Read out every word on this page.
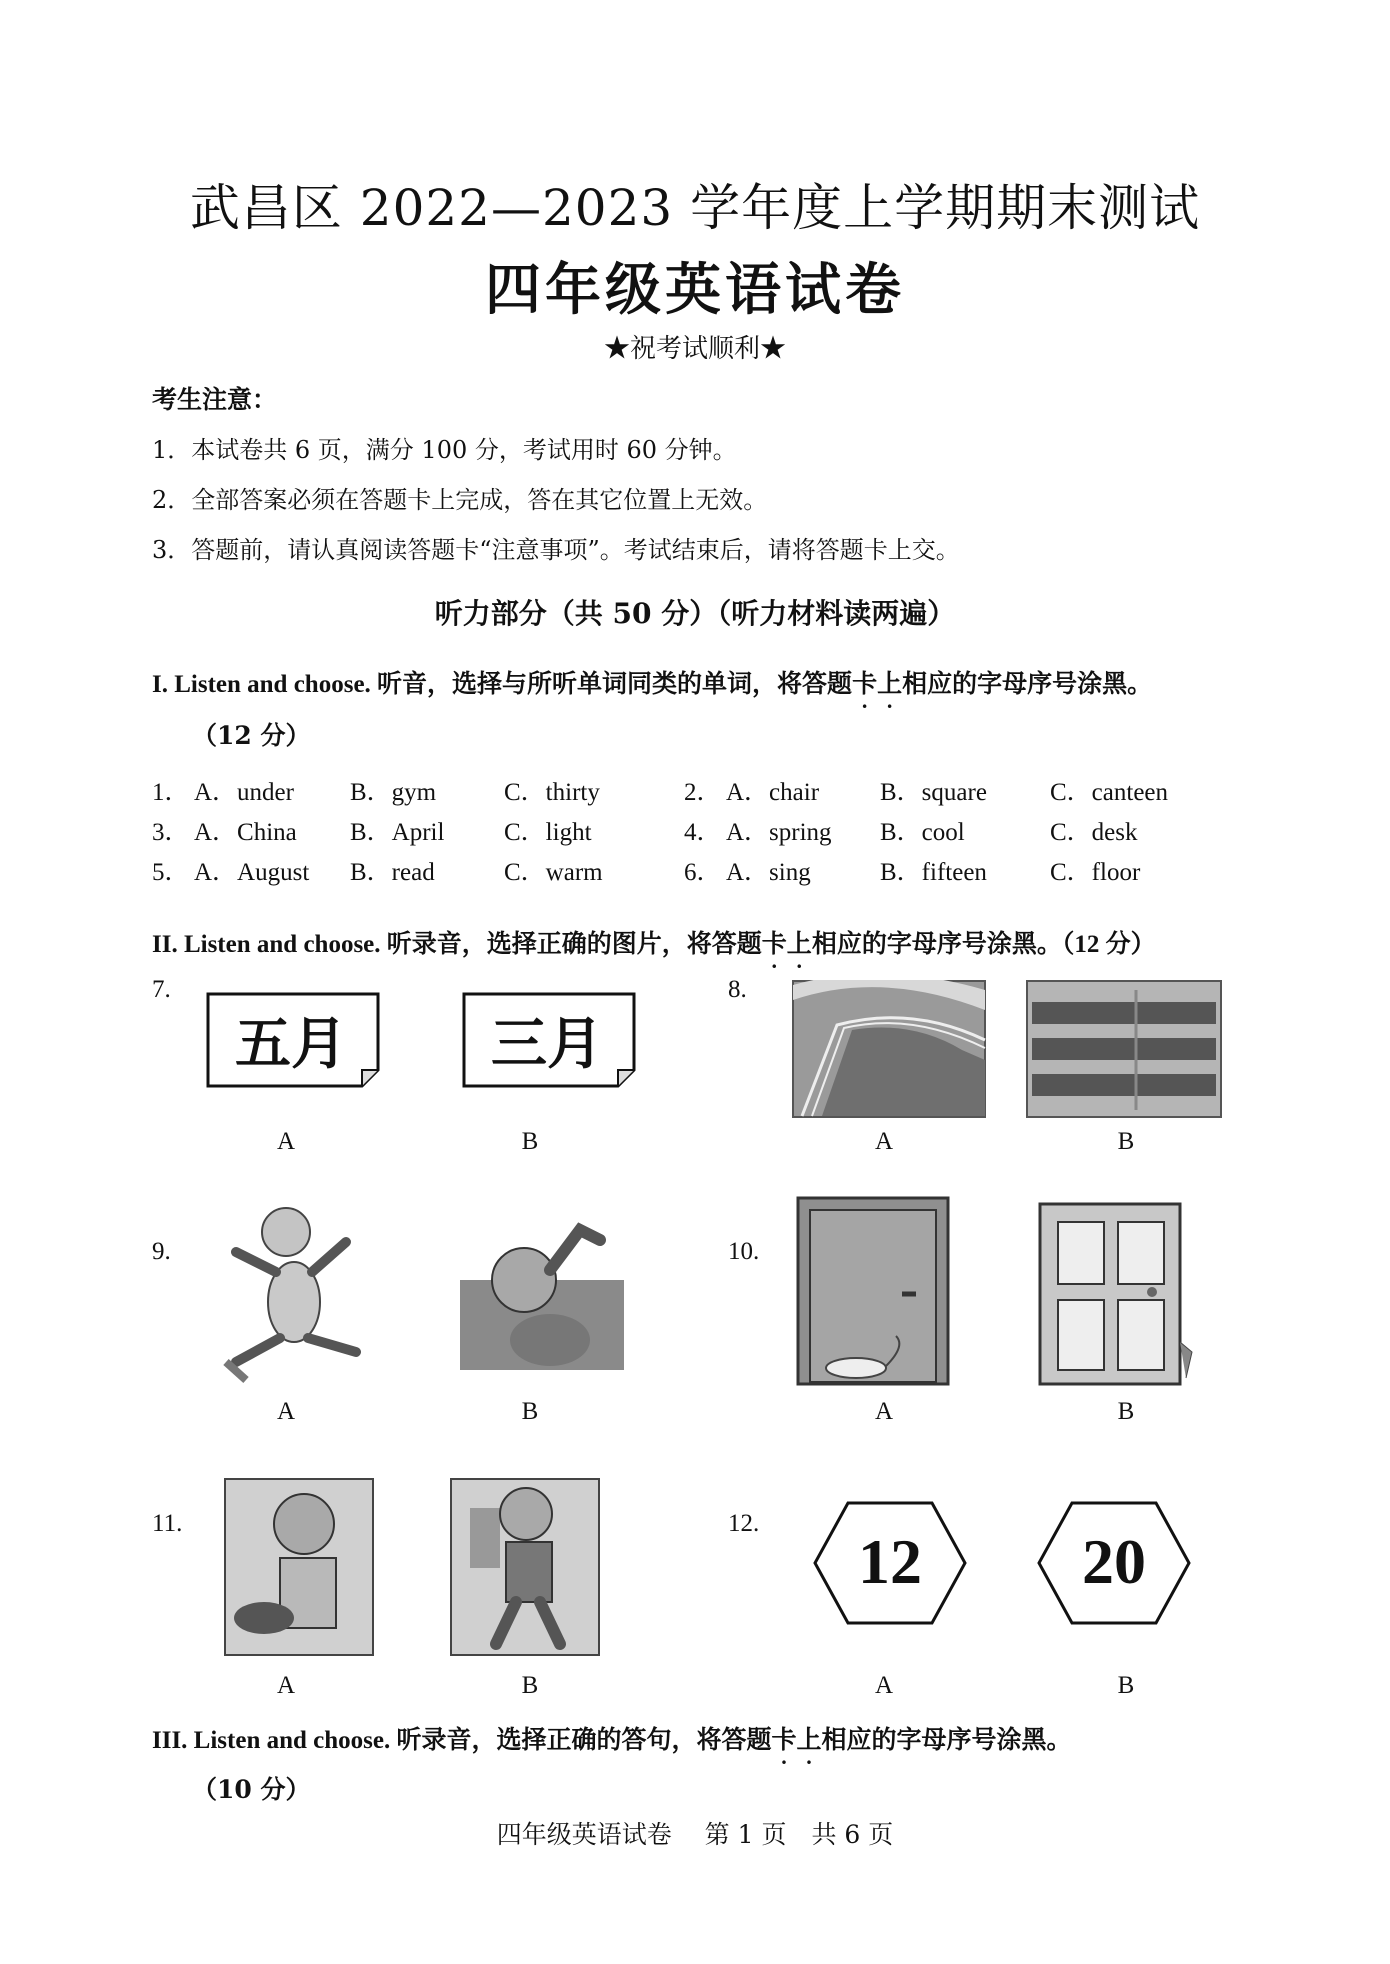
武昌区 2022—2023 学年度上学期期末测试
四年级英语试卷
★祝考试顺利★
考生注意：
1．本试卷共 6 页，满分 100 分，考试用时 60 分钟。
2．全部答案必须在答题卡上完成，答在其它位置上无效。
3．答题前，请认真阅读答题卡“注意事项”。考试结束后，请将答题卡上交。
听力部分（共 50 分）（听力材料读两遍）
I. Listen and choose. 听音，选择与所听单词同类的单词，将答题卡上相应的字母序号涂黑。
（12 分）
1． A．under B．gym	C．thirty	2． A．chair B．square	C．canteen
3． A．China B．April C．light	4． A．spring B．cool	C．desk
5． A．August B．read	C．warm	6． A．sing	B．fifteen	C．floor
II. Listen and choose. 听录音，选择正确的图片，将答题卡上相应的字母序号涂黑。（12 分）
7.
五月	三月
A	B
8.
A	B
9.
A	B
10.
A	B
11.
A	B
12.
12	20
A	B
III. Listen and choose. 听录音，选择正确的答句，将答题卡上相应的字母序号涂黑。
（10 分）
四年级英语试卷　 第 1 页　共 6 页
